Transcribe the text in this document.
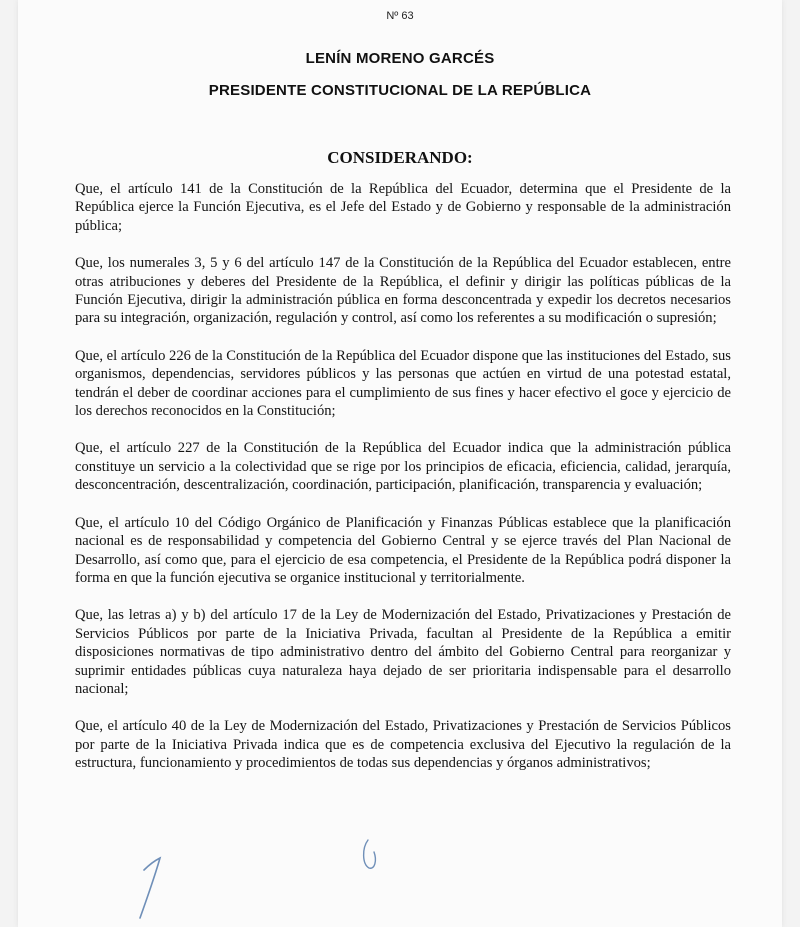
Nº 63
LENÍN MORENO GARCÉS
PRESIDENTE CONSTITUCIONAL DE LA REPÚBLICA
CONSIDERANDO:

Que, el artículo 141 de la Constitución de la República del Ecuador, determina que el Presidente de la República ejerce la Función Ejecutiva, es el Jefe del Estado y de Gobierno y responsable de la administración pública;

Que, los numerales 3, 5 y 6 del artículo 147 de la Constitución de la República del Ecuador establecen, entre otras atribuciones y deberes del Presidente de la República, el definir y dirigir las políticas públicas de la Función Ejecutiva, dirigir la administración pública en forma desconcentrada y expedir los decretos necesarios para su integración, organización, regulación y control, así como los referentes a su modificación o supresión;

Que, el artículo 226 de la Constitución de la República del Ecuador dispone que las instituciones del Estado, sus organismos, dependencias, servidores públicos y las personas que actúen en virtud de una potestad estatal, tendrán el deber de coordinar acciones para el cumplimiento de sus fines y hacer efectivo el goce y ejercicio de los derechos reconocidos en la Constitución;

Que, el artículo 227 de la Constitución de la República del Ecuador indica que la administración pública constituye un servicio a la colectividad que se rige por los principios de eficacia, eficiencia, calidad, jerarquía, desconcentración, descentralización, coordinación, participación, planificación, transparencia y evaluación;

Que, el artículo 10 del Código Orgánico de Planificación y Finanzas Públicas establece que la planificación nacional es de responsabilidad y competencia del Gobierno Central y se ejerce través del Plan Nacional de Desarrollo, así como que, para el ejercicio de esa competencia, el Presidente de la República podrá disponer la forma en que la función ejecutiva se organice institucional y territorialmente.

Que, las letras a) y b) del artículo 17 de la Ley de Modernización del Estado, Privatizaciones y Prestación de Servicios Públicos por parte de la Iniciativa Privada, facultan al Presidente de la República a emitir disposiciones normativas de tipo administrativo dentro del ámbito del Gobierno Central para reorganizar y suprimir entidades públicas cuya naturaleza haya dejado de ser prioritaria indispensable para el desarrollo nacional;

Que, el artículo 40 de la Ley de Modernización del Estado, Privatizaciones y Prestación de Servicios Públicos por parte de la Iniciativa Privada indica que es de competencia exclusiva del Ejecutivo la regulación de la estructura, funcionamiento y procedimientos de todas sus dependencias y órganos administrativos;
